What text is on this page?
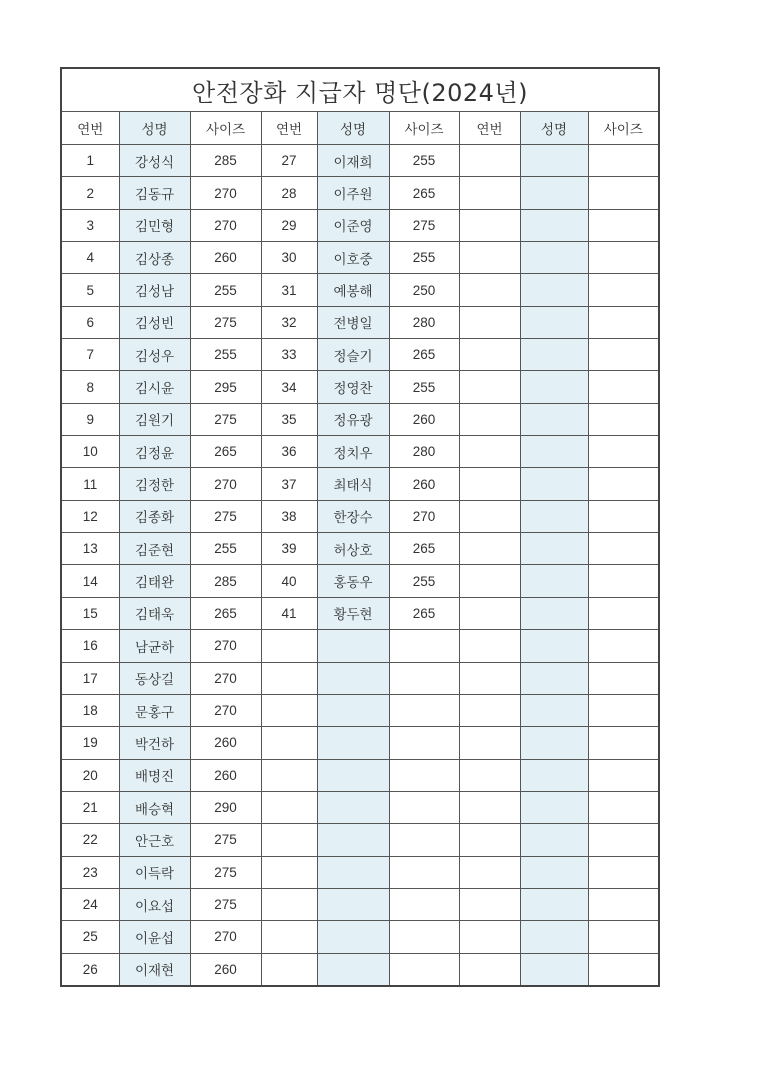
안전장화 지급자 명단(2024년)								
연번	성명	사이즈	연번	성명	사이즈	연번	성명	사이즈
1	강성식	285	27	이재희	255			
2	김동규	270	28	이주원	265			
3	김민형	270	29	이준영	275			
4	김상종	260	30	이호중	255			
5	김성남	255	31	예봉해	250			
6	김성빈	275	32	전병일	280			
7	김성우	255	33	정슬기	265			
8	김시윤	295	34	정영찬	255			
9	김원기	275	35	정유광	260			
10	김정윤	265	36	정치우	280			
11	김정한	270	37	최태식	260			
12	김종화	275	38	한장수	270			
13	김준현	255	39	허상호	265			
14	김태완	285	40	홍동우	255			
15	김태욱	265	41	황두현	265			
16	남균하	270						
17	동상길	270						
18	문홍구	270						
19	박건하	260						
20	배명진	260						
21	배승혁	290						
22	안근호	275						
23	이득락	275						
24	이요섭	275						
25	이윤섭	270						
26	이재현	260						
